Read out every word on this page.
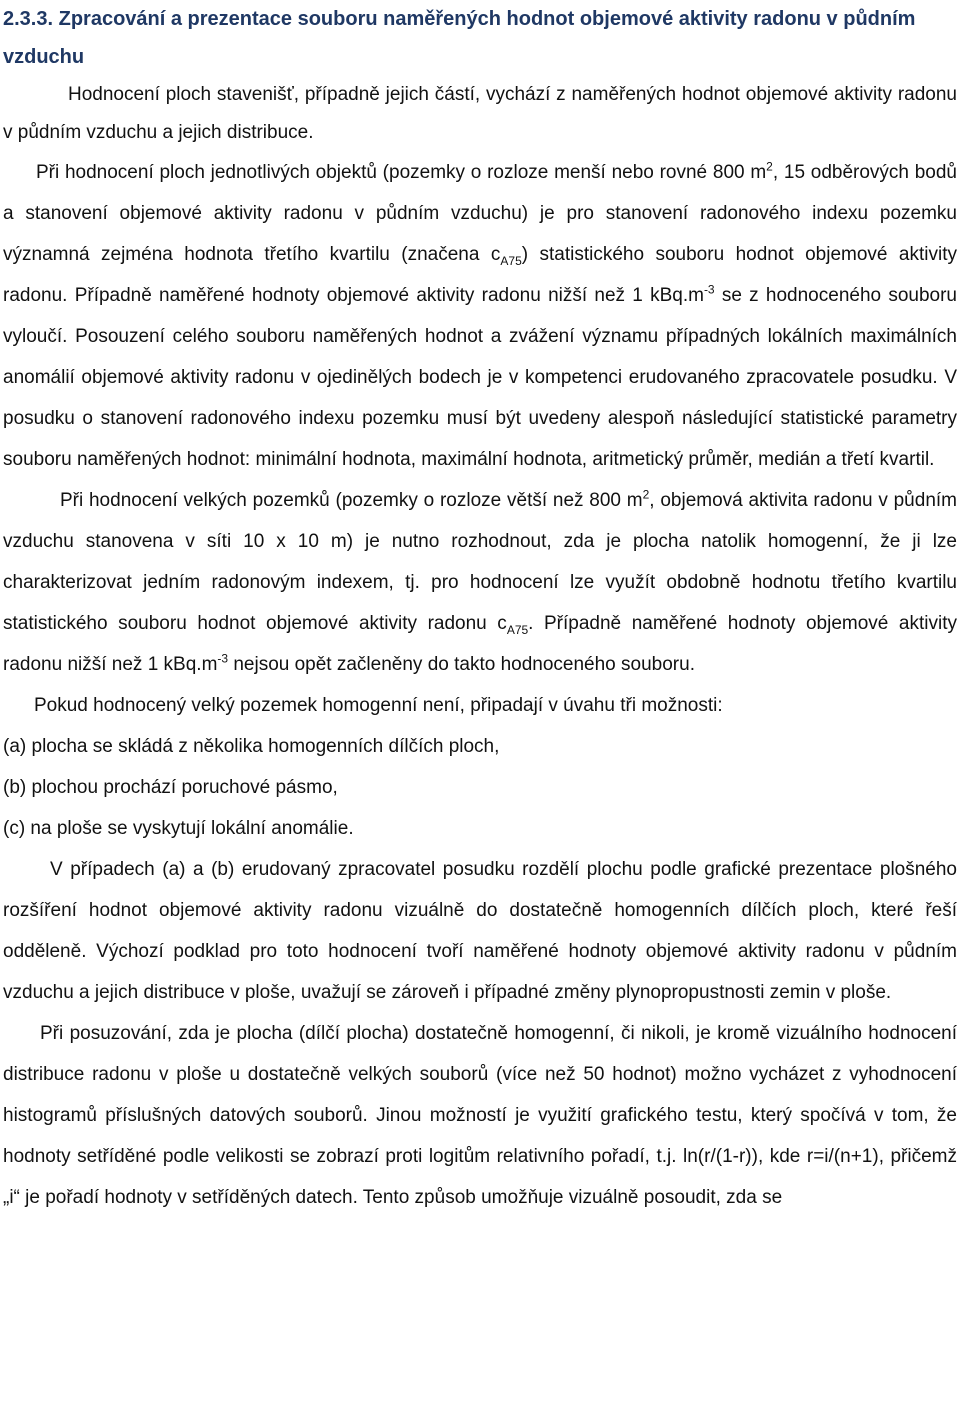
2.3.3. Zpracování a prezentace souboru naměřených hodnot objemové aktivity radonu v půdním vzduchu

Hodnocení ploch stavenišť, případně jejich částí, vychází z naměřených hodnot objemové aktivity radonu v půdním vzduchu a jejich distribuce.

Při hodnocení ploch jednotlivých objektů (pozemky o rozloze menší nebo rovné 800 $m^2$, 15 odběrových bodů a stanovení objemové aktivity radonu v půdním vzduchu) je pro stanovení radonového indexu pozemku významná zejména hodnota třetího kvartilu (značena $c_{A75}$) statistického souboru hodnot objemové aktivity radonu. Případně naměřené hodnoty objemové aktivity radonu nižší než 1 $kBq.m^{-3}$ se z hodnoceného souboru vyloučí. Posouzení celého souboru naměřených hodnot a zvážení významu případných lokálních maximálních anomálií objemové aktivity radonu v ojedinělých bodech je v kompetenci erudovaného zpracovatele posudku. V posudku o stanovení radonového indexu pozemku musí být uvedeny alespoň následující statistické parametry souboru naměřených hodnot: minimální hodnota, maximální hodnota, aritmetický průměr, medián a třetí kvartil.

Při hodnocení velkých pozemků (pozemky o rozloze větší než 800 $m^2$, objemová aktivita radonu v půdním vzduchu stanovena v síti 10 x 10 m) je nutno rozhodnout, zda je plocha natolik homogenní, že ji lze charakterizovat jedním radonovým indexem, tj. pro hodnocení lze využít obdobně hodnotu třetího kvartilu statistického souboru hodnot objemové aktivity radonu $c_{A75}$. Případně naměřené hodnoty objemové aktivity radonu nižší než 1 $kBq.m^{-3}$ nejsou opět začleněny do takto hodnoceného souboru.

Pokud hodnocený velký pozemek homogenní není, připadají v úvahu tři možnosti:

(a) plocha se skládá z několika homogenních dílčích ploch,

(b) plochou prochází poruchové pásmo,

(c) na ploše se vyskytují lokální anomálie.

V případech (a) a (b) erudovaný zpracovatel posudku rozdělí plochu podle grafické prezentace plošného rozšíření hodnot objemové aktivity radonu vizuálně do dostatečně homogenních dílčích ploch, které řeší odděleně. Výchozí podklad pro toto hodnocení tvoří naměřené hodnoty objemové aktivity radonu v půdním vzduchu a jejich distribuce v ploše, uvažují se zároveň i případné změny plynopropustnosti zemin v ploše.

Při posuzování, zda je plocha (dílčí plocha) dostatečně homogenní, či nikoli, je kromě vizuálního hodnocení distribuce radonu v ploše u dostatečně velkých souborů (více než 50 hodnot) možno vycházet z vyhodnocení histogramů příslušných datových souborů. Jinou možností je využití grafického testu, který spočívá v tom, že hodnoty setříděné podle velikosti se zobrazí proti logitům relativního pořadí, t.j. ln(r/(1-r)), kde r=i/(n+1), přičemž „i“ je pořadí hodnoty v setříděných datech. Tento způsob umožňuje vizuálně posoudit, zda se
